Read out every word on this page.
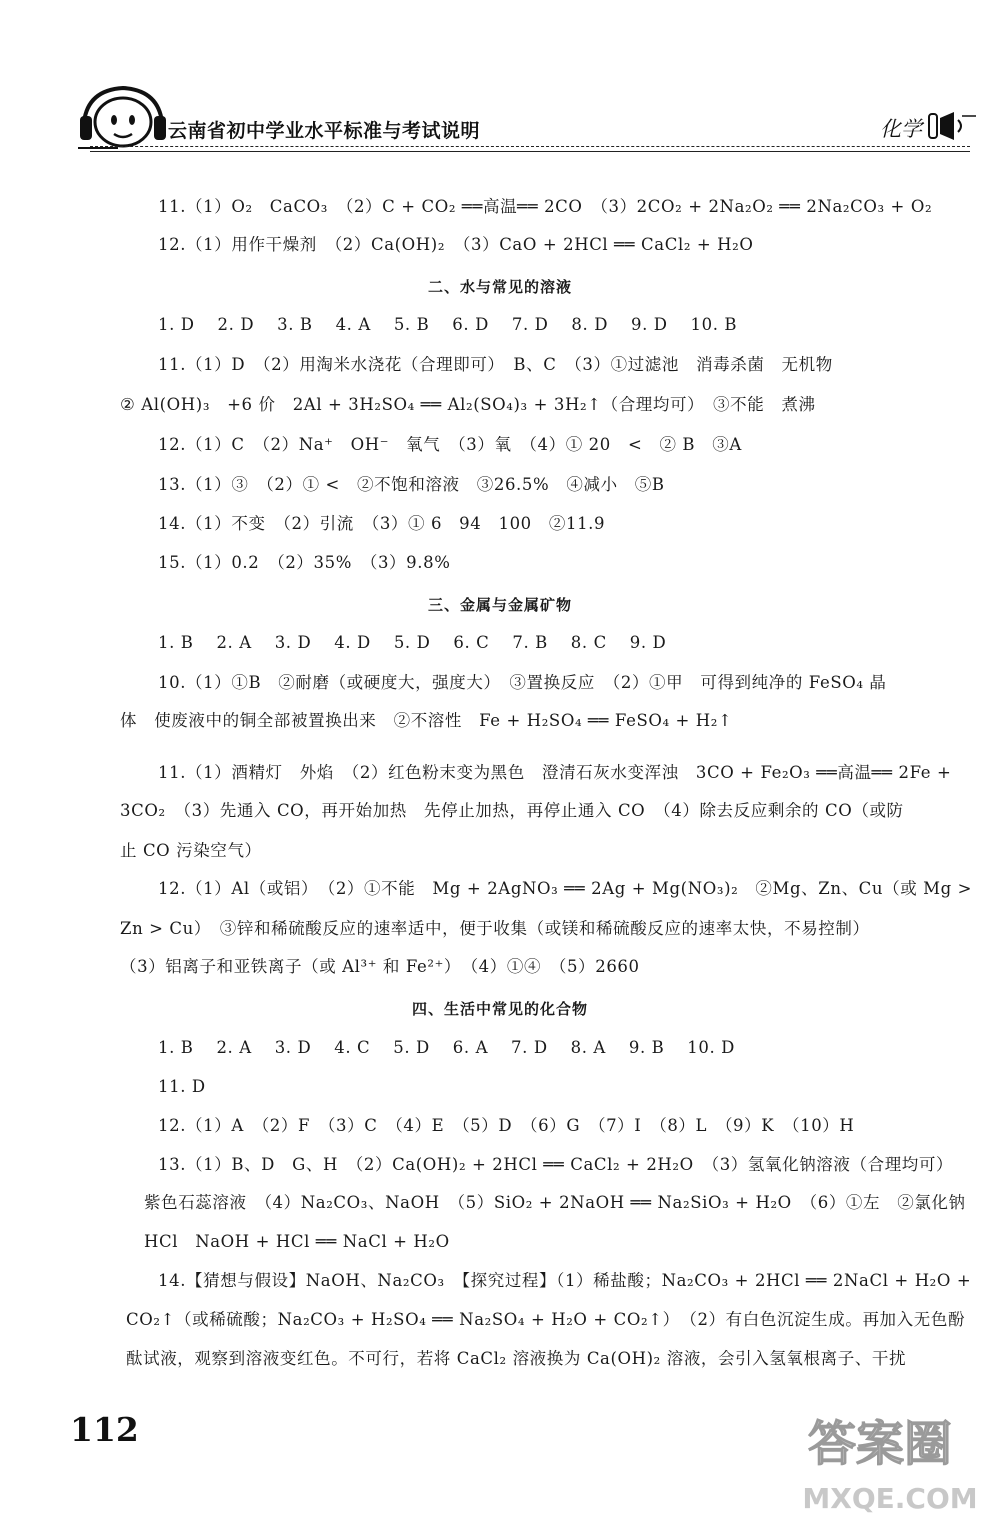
云南省初中学业水平标准与考试说明	化学
11.（1）O₂　CaCO₃　（2）C + CO₂ ══高温══ 2CO　（3）2CO₂ + 2Na₂O₂ ══ 2Na₂CO₃ + O₂
12.（1）用作干燥剂　（2）Ca(OH)₂　（3）CaO + 2HCl ══ CaCl₂ + H₂O
二、水与常见的溶液
1. D　 2. D　 3. B　 4. A　 5. B　 6. D　 7. D　 8. D　 9. D　 10. B
11.（1）D　（2）用淘米水浇花（合理即可）　B、C　（3）①过滤池　消毒杀菌　无机物
② Al(OH)₃　+6 价　2Al + 3H₂SO₄ ══ Al₂(SO₄)₃ + 3H₂↑（合理均可）　③不能　煮沸
12.（1）C　（2）Na⁺　OH⁻　氧气　（3）氧　（4）① 20　<　② B　③A
13.（1）③　（2）① <　②不饱和溶液　③26.5%　④减小　⑤B
14.（1）不变　（2）引流　（3）① 6　94　100　②11.9
15.（1）0.2　（2）35%　（3）9.8%
三、金属与金属矿物
1. B　 2. A　 3. D　 4. D　 5. D　 6. C　 7. B　 8. C　 9. D
10.（1）①B　②耐磨（或硬度大，强度大）　③置换反应　（2）①甲　可得到纯净的 FeSO₄ 晶
体　使废液中的铜全部被置换出来　②不溶性　Fe + H₂SO₄ ══ FeSO₄ + H₂↑
11.（1）酒精灯　外焰　（2）红色粉末变为黑色　澄清石灰水变浑浊　3CO + Fe₂O₃ ══高温══ 2Fe +
3CO₂　（3）先通入 CO，再开始加热　先停止加热，再停止通入 CO　（4）除去反应剩余的 CO（或防
止 CO 污染空气）
12.（1）Al（或铝）　（2）①不能　Mg + 2AgNO₃ ══ 2Ag + Mg(NO₃)₂　②Mg、Zn、Cu（或 Mg >
Zn > Cu）　③锌和稀硫酸反应的速率适中，便于收集（或镁和稀硫酸反应的速率太快，不易控制）
（3）铝离子和亚铁离子（或 Al³⁺ 和 Fe²⁺）　（4）①④　（5）2660
四、生活中常见的化合物
1. B　 2. A　 3. D　 4. C　 5. D　 6. A　 7. D　 8. A　 9. B　 10. D
11. D
12.（1）A　（2）F　（3）C　（4）E　（5）D　（6）G　（7）I　（8）L　（9）K　（10）H
13.（1）B、D　G、H　（2）Ca(OH)₂ + 2HCl ══ CaCl₂ + 2H₂O　（3）氢氧化钠溶液（合理均可）
紫色石蕊溶液　（4）Na₂CO₃、NaOH　（5）SiO₂ + 2NaOH ══ Na₂SiO₃ + H₂O　（6）①左　②氯化钠
HCl　NaOH + HCl ══ NaCl + H₂O
14.【猜想与假设】NaOH、Na₂CO₃　【探究过程】（1）稀盐酸；Na₂CO₃ + 2HCl ══ 2NaCl + H₂O +
CO₂↑（或稀硫酸；Na₂CO₃ + H₂SO₄ ══ Na₂SO₄ + H₂O + CO₂↑）　（2）有白色沉淀生成。再加入无色酚
酞试液，观察到溶液变红色。不可行，若将 CaCl₂ 溶液换为 Ca(OH)₂ 溶液，会引入氢氧根离子、干扰
112	答案圈
MXQE.COM
